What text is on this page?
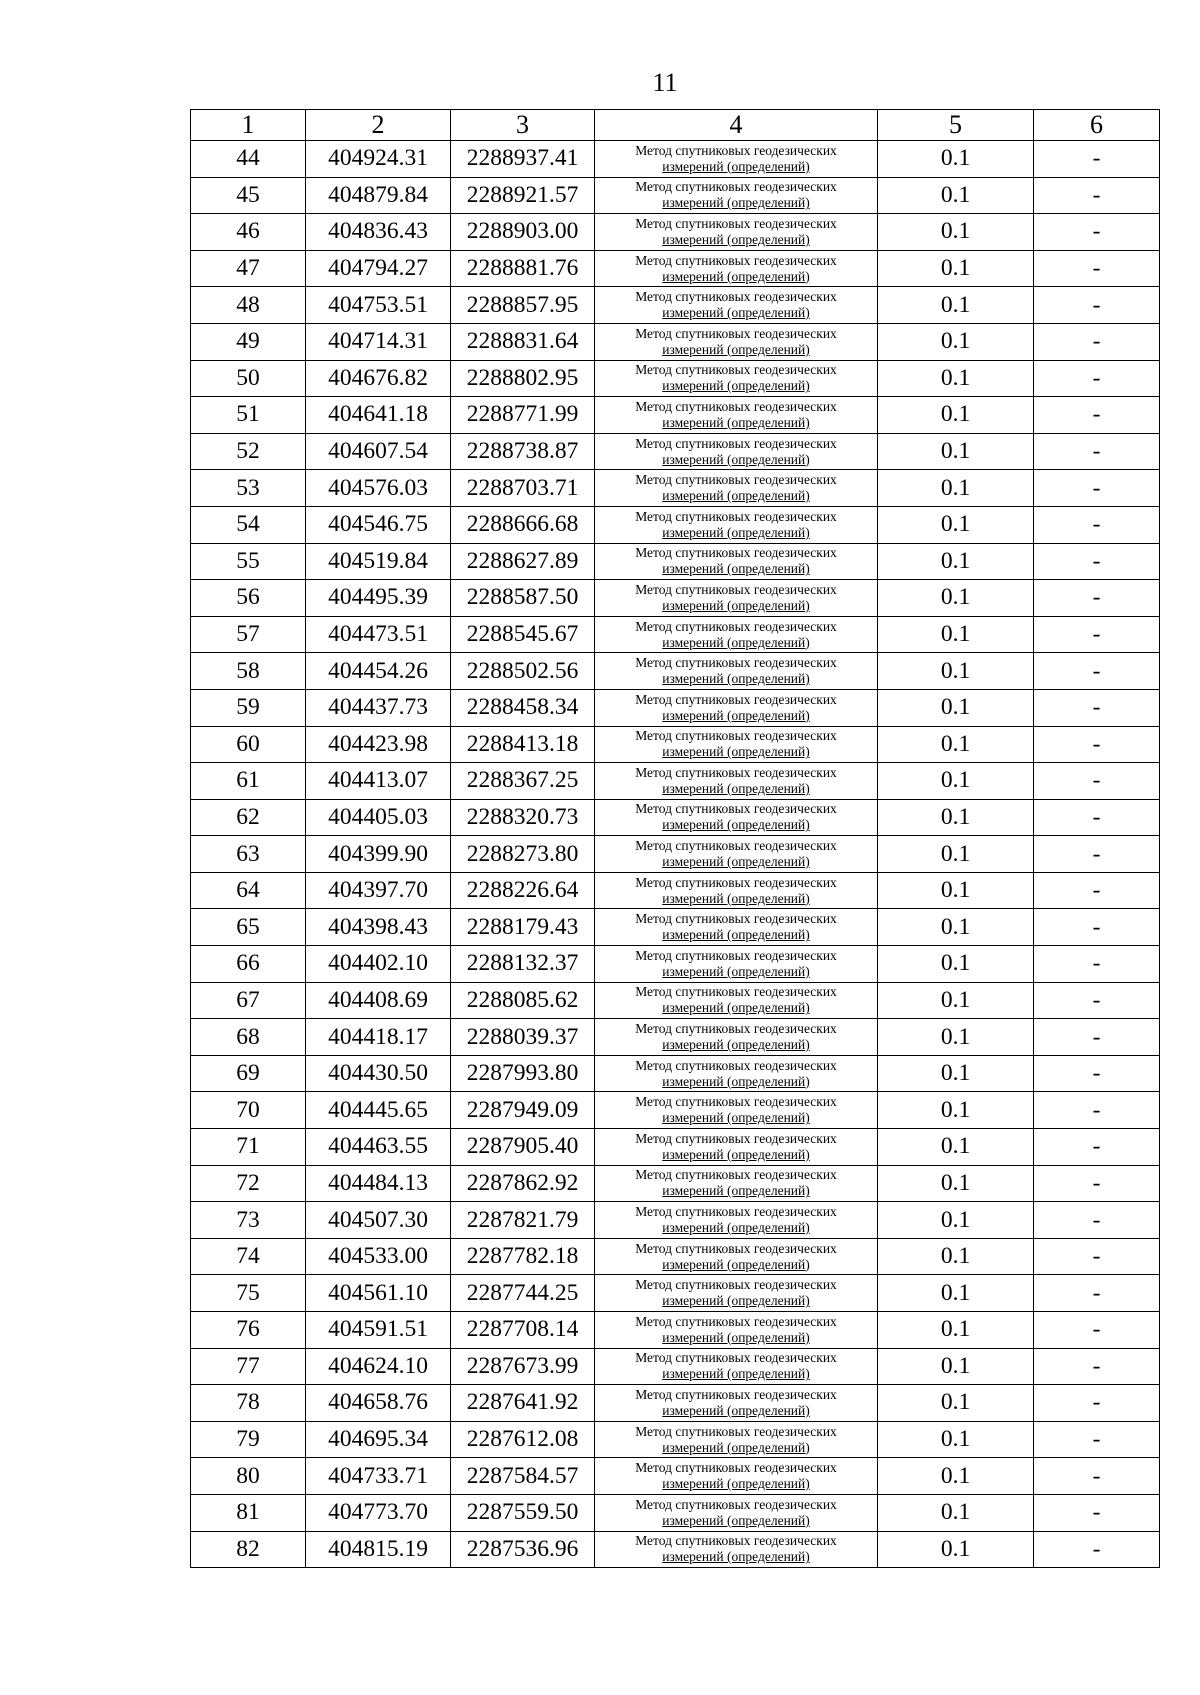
11
1	2	3	4	5	6
44	404924.31	2288937.41	Метод спутниковых геодезических
измерений (определений)	0.1	-
45	404879.84	2288921.57	Метод спутниковых геодезических
измерений (определений)	0.1	-
46	404836.43	2288903.00	Метод спутниковых геодезических
измерений (определений)	0.1	-
47	404794.27	2288881.76	Метод спутниковых геодезических
измерений (определений)	0.1	-
48	404753.51	2288857.95	Метод спутниковых геодезических
измерений (определений)	0.1	-
49	404714.31	2288831.64	Метод спутниковых геодезических
измерений (определений)	0.1	-
50	404676.82	2288802.95	Метод спутниковых геодезических
измерений (определений)	0.1	-
51	404641.18	2288771.99	Метод спутниковых геодезических
измерений (определений)	0.1	-
52	404607.54	2288738.87	Метод спутниковых геодезических
измерений (определений)	0.1	-
53	404576.03	2288703.71	Метод спутниковых геодезических
измерений (определений)	0.1	-
54	404546.75	2288666.68	Метод спутниковых геодезических
измерений (определений)	0.1	-
55	404519.84	2288627.89	Метод спутниковых геодезических
измерений (определений)	0.1	-
56	404495.39	2288587.50	Метод спутниковых геодезических
измерений (определений)	0.1	-
57	404473.51	2288545.67	Метод спутниковых геодезических
измерений (определений)	0.1	-
58	404454.26	2288502.56	Метод спутниковых геодезических
измерений (определений)	0.1	-
59	404437.73	2288458.34	Метод спутниковых геодезических
измерений (определений)	0.1	-
60	404423.98	2288413.18	Метод спутниковых геодезических
измерений (определений)	0.1	-
61	404413.07	2288367.25	Метод спутниковых геодезических
измерений (определений)	0.1	-
62	404405.03	2288320.73	Метод спутниковых геодезических
измерений (определений)	0.1	-
63	404399.90	2288273.80	Метод спутниковых геодезических
измерений (определений)	0.1	-
64	404397.70	2288226.64	Метод спутниковых геодезических
измерений (определений)	0.1	-
65	404398.43	2288179.43	Метод спутниковых геодезических
измерений (определений)	0.1	-
66	404402.10	2288132.37	Метод спутниковых геодезических
измерений (определений)	0.1	-
67	404408.69	2288085.62	Метод спутниковых геодезических
измерений (определений)	0.1	-
68	404418.17	2288039.37	Метод спутниковых геодезических
измерений (определений)	0.1	-
69	404430.50	2287993.80	Метод спутниковых геодезических
измерений (определений)	0.1	-
70	404445.65	2287949.09	Метод спутниковых геодезических
измерений (определений)	0.1	-
71	404463.55	2287905.40	Метод спутниковых геодезических
измерений (определений)	0.1	-
72	404484.13	2287862.92	Метод спутниковых геодезических
измерений (определений)	0.1	-
73	404507.30	2287821.79	Метод спутниковых геодезических
измерений (определений)	0.1	-
74	404533.00	2287782.18	Метод спутниковых геодезических
измерений (определений)	0.1	-
75	404561.10	2287744.25	Метод спутниковых геодезических
измерений (определений)	0.1	-
76	404591.51	2287708.14	Метод спутниковых геодезических
измерений (определений)	0.1	-
77	404624.10	2287673.99	Метод спутниковых геодезических
измерений (определений)	0.1	-
78	404658.76	2287641.92	Метод спутниковых геодезических
измерений (определений)	0.1	-
79	404695.34	2287612.08	Метод спутниковых геодезических
измерений (определений)	0.1	-
80	404733.71	2287584.57	Метод спутниковых геодезических
измерений (определений)	0.1	-
81	404773.70	2287559.50	Метод спутниковых геодезических
измерений (определений)	0.1	-
82	404815.19	2287536.96	Метод спутниковых геодезических
измерений (определений)	0.1	-
